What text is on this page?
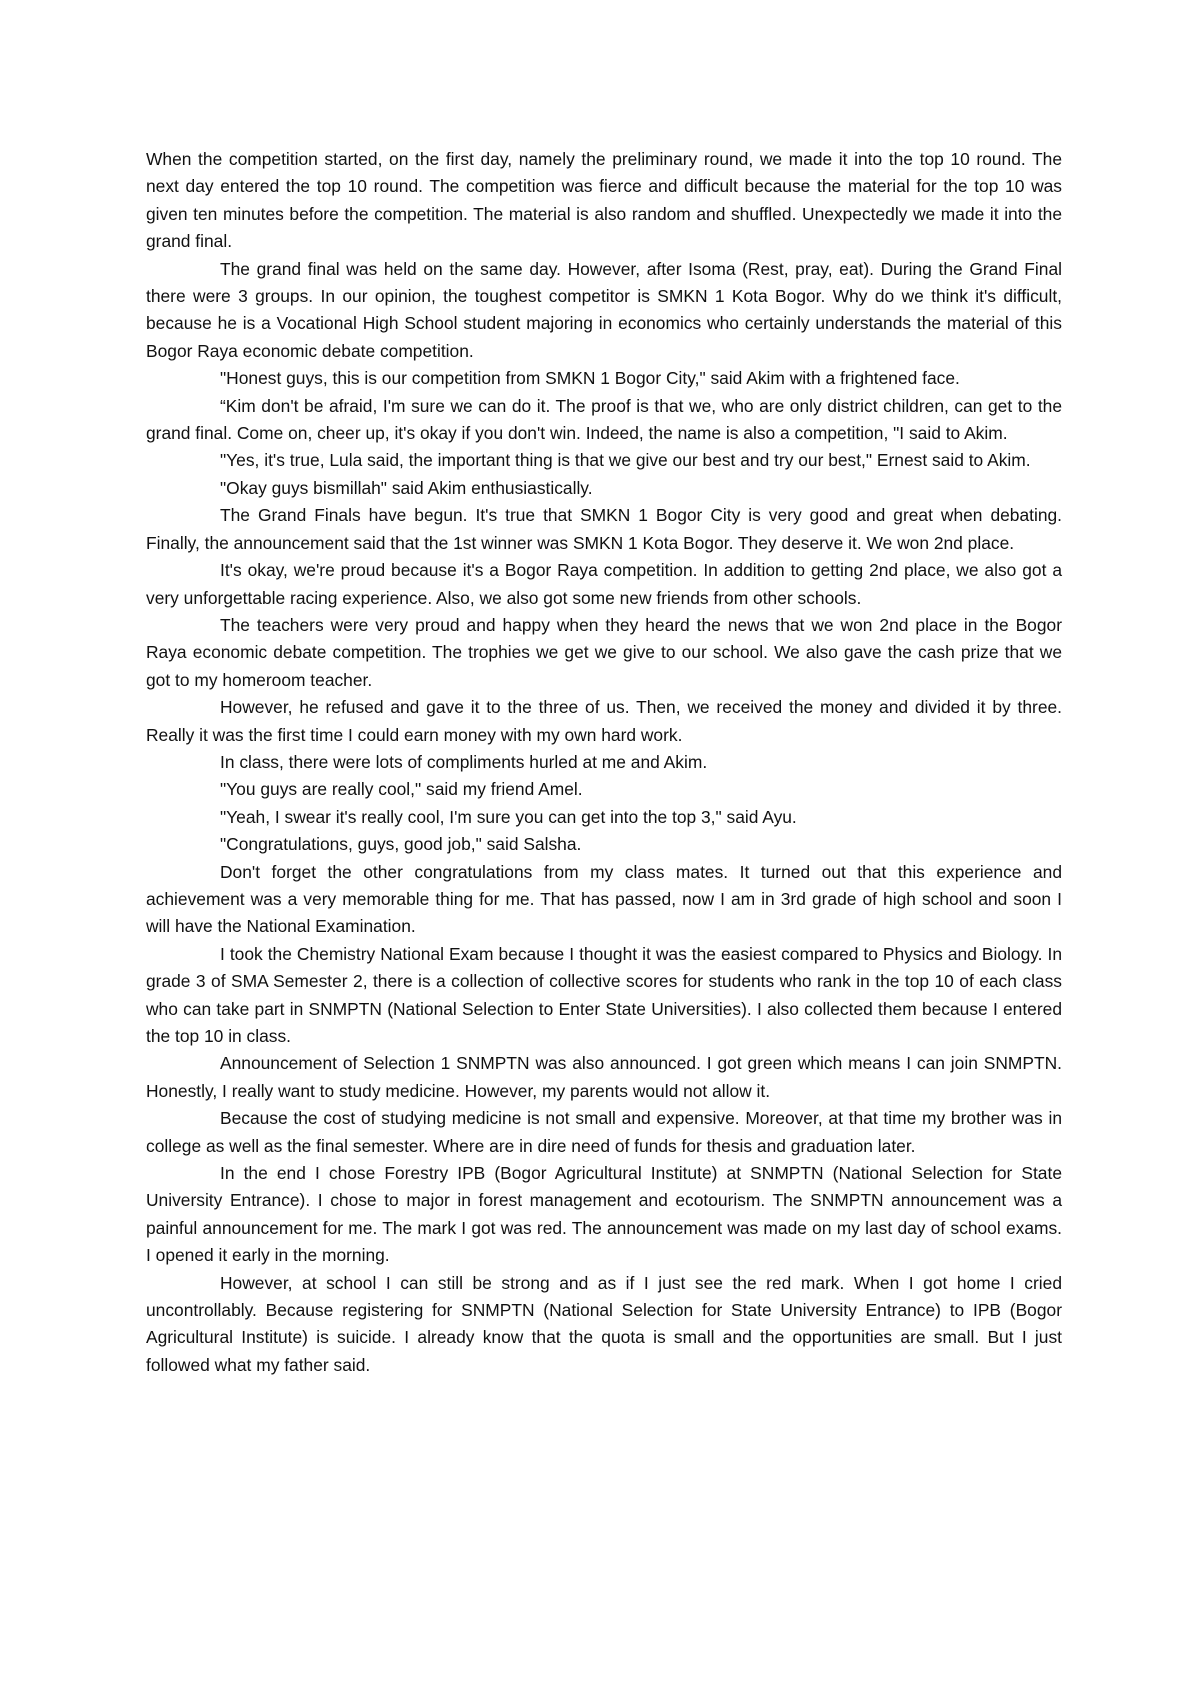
When the competition started, on the first day, namely the preliminary round, we made it into the top 10 round. The next day entered the top 10 round. The competition was fierce and difficult because the material for the top 10 was given ten minutes before the competition. The material is also random and shuffled. Unexpectedly we made it into the grand final.

The grand final was held on the same day. However, after Isoma (Rest, pray, eat). During the Grand Final there were 3 groups. In our opinion, the toughest competitor is SMKN 1 Kota Bogor. Why do we think it's difficult, because he is a Vocational High School student majoring in economics who certainly understands the material of this Bogor Raya economic debate competition.

"Honest guys, this is our competition from SMKN 1 Bogor City," said Akim with a frightened face.

“Kim don't be afraid, I'm sure we can do it. The proof is that we, who are only district children, can get to the grand final. Come on, cheer up, it's okay if you don't win. Indeed, the name is also a competition, "I said to Akim.

"Yes, it's true, Lula said, the important thing is that we give our best and try our best," Ernest said to Akim.

"Okay guys bismillah" said Akim enthusiastically.

The Grand Finals have begun. It's true that SMKN 1 Bogor City is very good and great when debating. Finally, the announcement said that the 1st winner was SMKN 1 Kota Bogor. They deserve it. We won 2nd place.

It's okay, we're proud because it's a Bogor Raya competition. In addition to getting 2nd place, we also got a very unforgettable racing experience. Also, we also got some new friends from other schools.

The teachers were very proud and happy when they heard the news that we won 2nd place in the Bogor Raya economic debate competition. The trophies we get we give to our school. We also gave the cash prize that we got to my homeroom teacher.

However, he refused and gave it to the three of us. Then, we received the money and divided it by three. Really it was the first time I could earn money with my own hard work.

In class, there were lots of compliments hurled at me and Akim.

"You guys are really cool," said my friend Amel.

"Yeah, I swear it's really cool, I'm sure you can get into the top 3," said Ayu.

"Congratulations, guys, good job," said Salsha.

Don't forget the other congratulations from my class mates. It turned out that this experience and achievement was a very memorable thing for me. That has passed, now I am in 3rd grade of high school and soon I will have the National Examination.

I took the Chemistry National Exam because I thought it was the easiest compared to Physics and Biology. In grade 3 of SMA Semester 2, there is a collection of collective scores for students who rank in the top 10 of each class who can take part in SNMPTN (National Selection to Enter State Universities). I also collected them because I entered the top 10 in class.

Announcement of Selection 1 SNMPTN was also announced. I got green which means I can join SNMPTN. Honestly, I really want to study medicine. However, my parents would not allow it.

Because the cost of studying medicine is not small and expensive. Moreover, at that time my brother was in college as well as the final semester. Where are in dire need of funds for thesis and graduation later.

In the end I chose Forestry IPB (Bogor Agricultural Institute) at SNMPTN (National Selection for State University Entrance). I chose to major in forest management and ecotourism. The SNMPTN announcement was a painful announcement for me. The mark I got was red. The announcement was made on my last day of school exams. I opened it early in the morning.

However, at school I can still be strong and as if I just see the red mark. When I got home I cried uncontrollably. Because registering for SNMPTN (National Selection for State University Entrance) to IPB (Bogor Agricultural Institute) is suicide. I already know that the quota is small and the opportunities are small. But I just followed what my father said.
